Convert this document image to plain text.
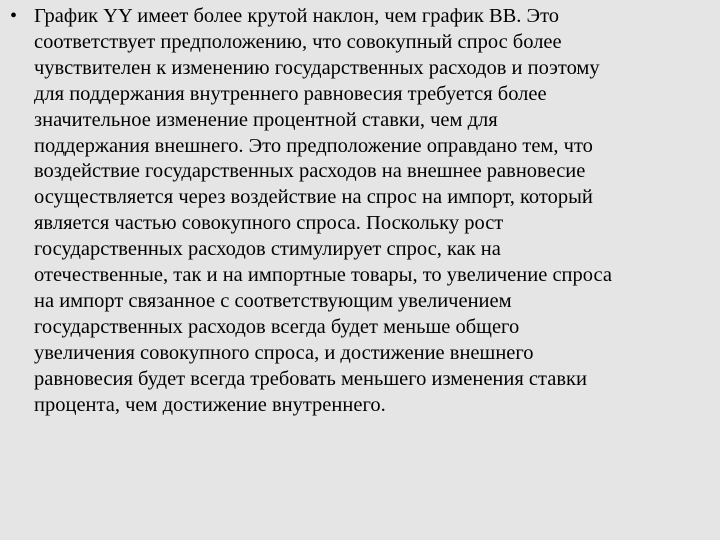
• График YY имеет более крутой наклон, чем график BB. Это
соответствует предположению, что совокупный спрос более
чувствителен к изменению государственных расходов и поэтому
для поддержания внутреннего равновесия требуется более
значительное изменение процентной ставки, чем для
поддержания внешнего. Это предположение оправдано тем, что
воздействие государственных расходов на внешнее равновесие
осуществляется через воздействие на спрос на импорт, который
является частью совокупного спроса. Поскольку рост
государственных расходов стимулирует спрос, как на
отечественные, так и на импортные товары, то увеличение спроса
на импорт связанное с соответствующим увеличением
государственных расходов всегда будет меньше общего
увеличения совокупного спроса, и достижение внешнего
равновесия будет всегда требовать меньшего изменения ставки
процента, чем достижение внутреннего.
